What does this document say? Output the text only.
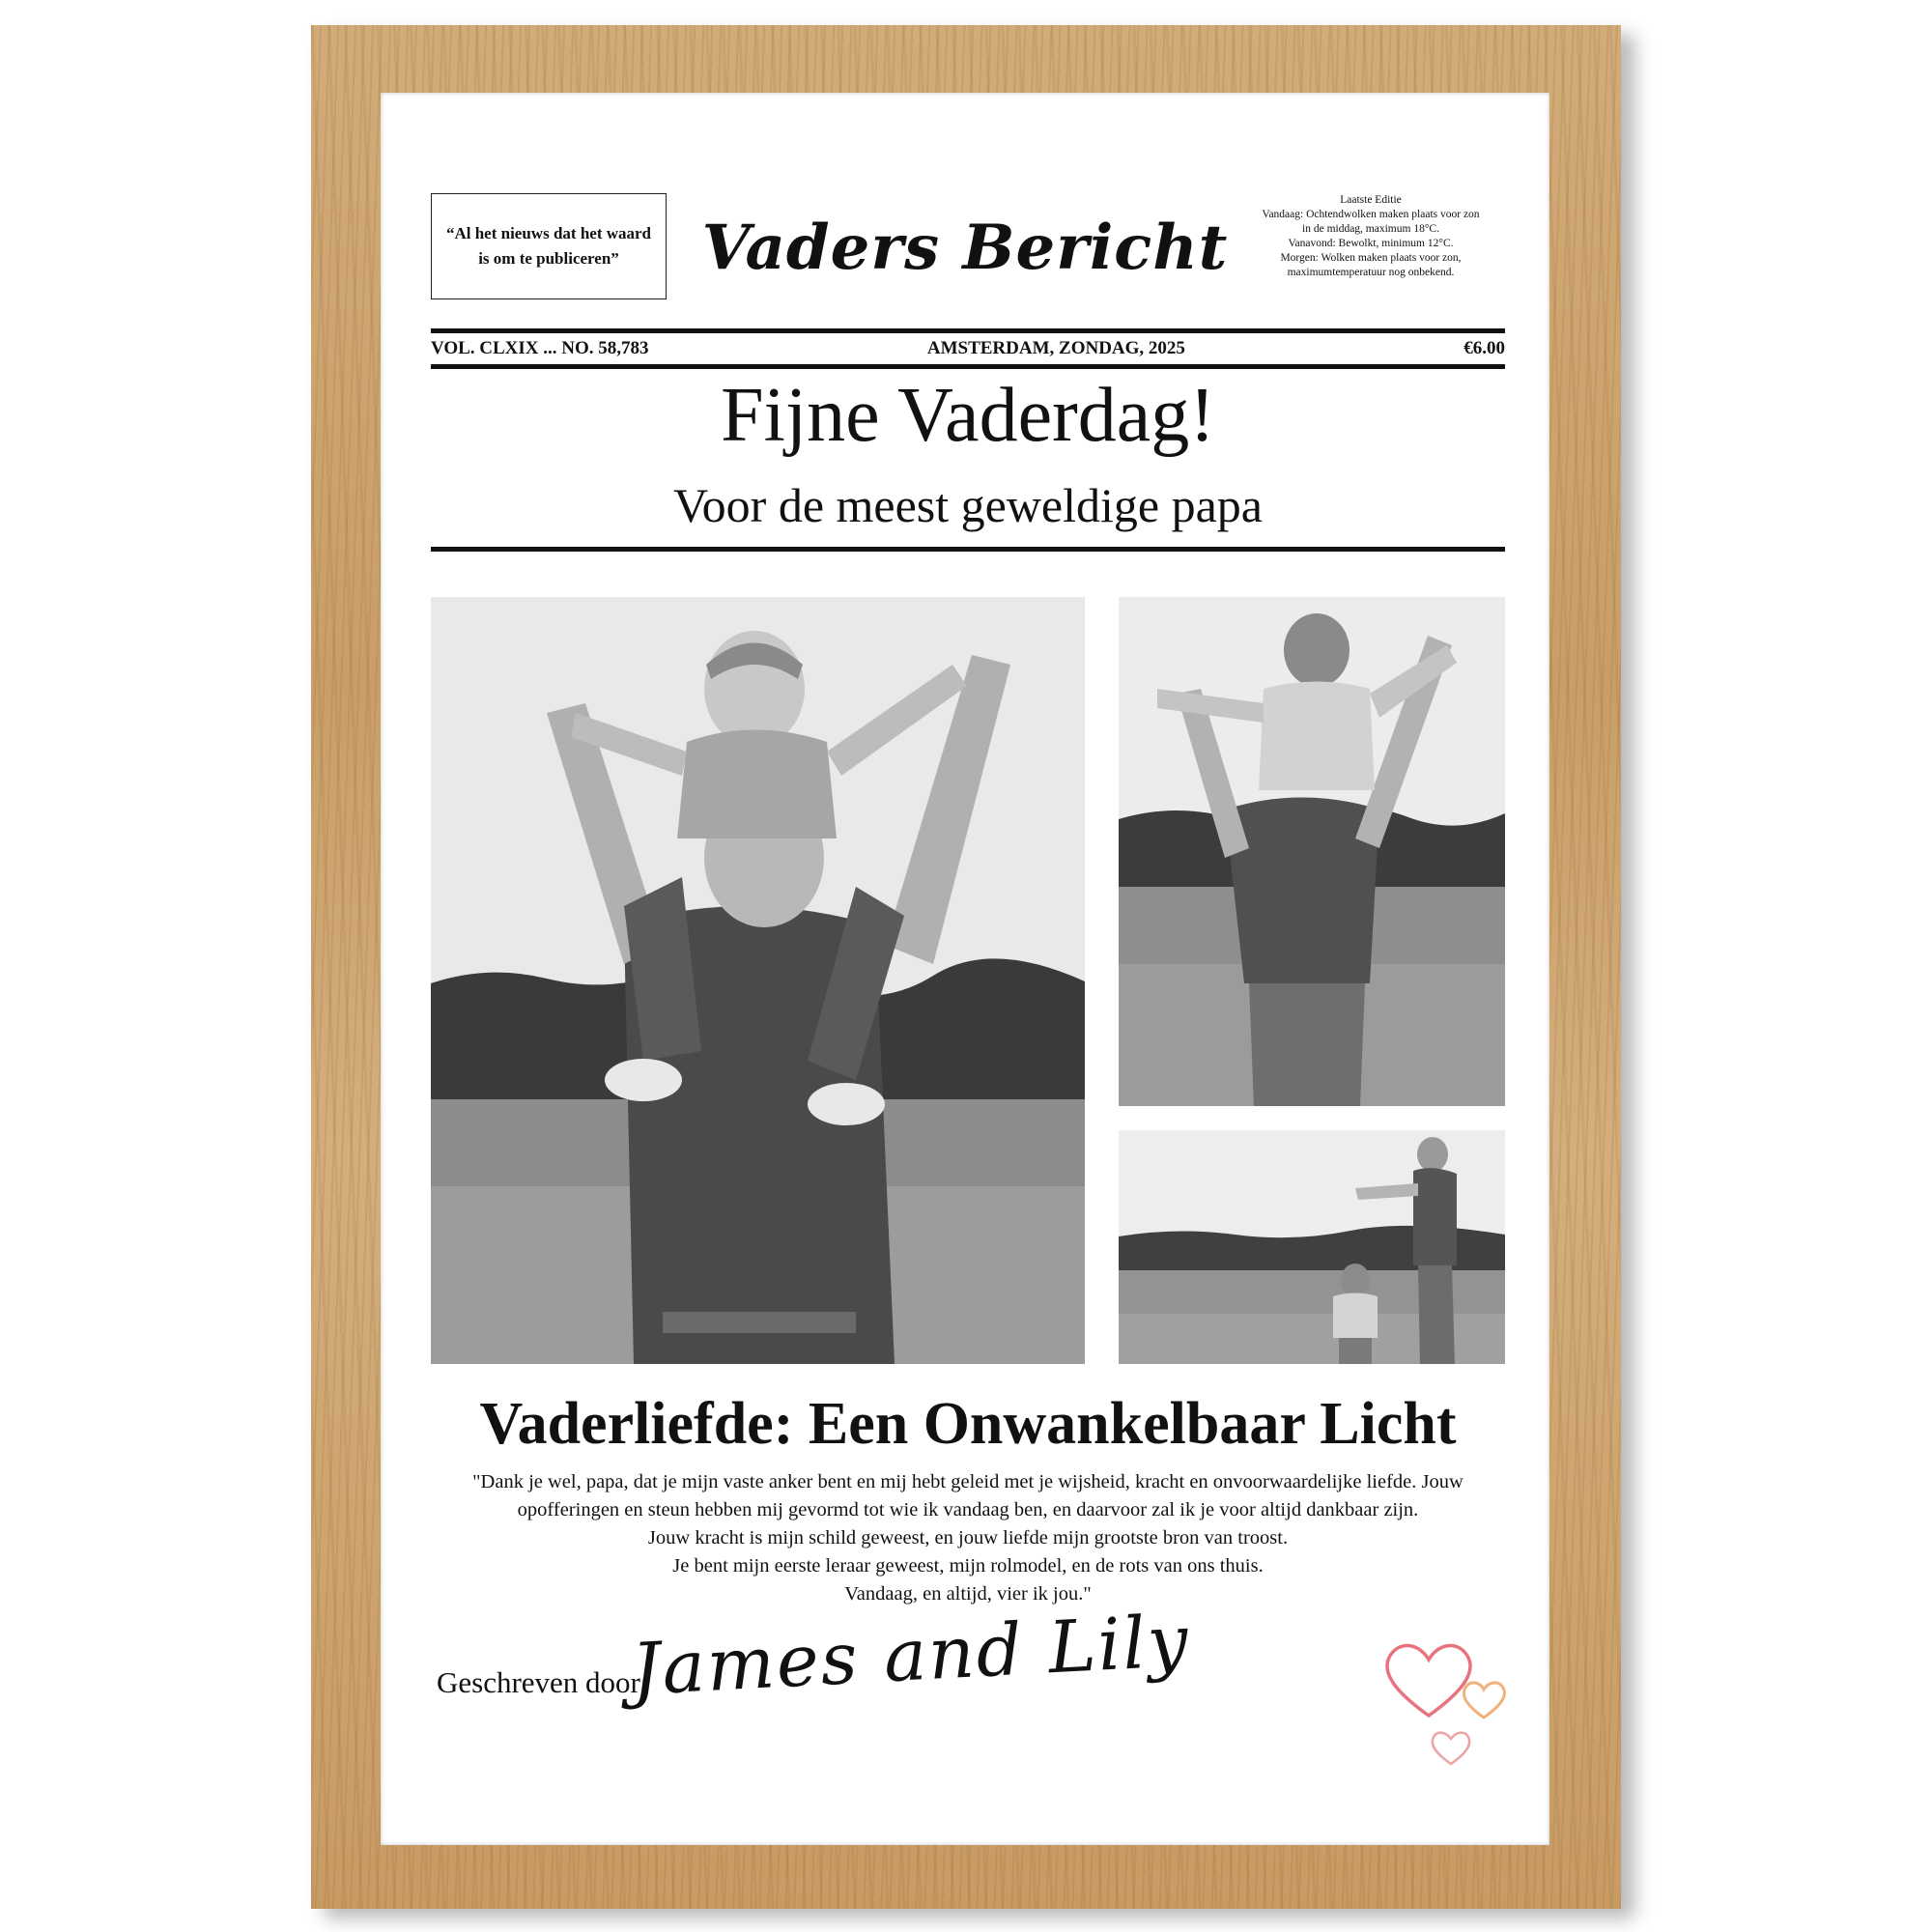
“Al het nieuws dat het waard is om te publiceren”	Vaders Bericht
Laatste Editie
Vandaag: Ochtendwolken maken plaats voor zon
in de middag, maximum 18°C.
Vanavond: Bewolkt, minimum 12°C.
Morgen: Wolken maken plaats voor zon,
maximumtemperatuur nog onbekend.
VOL. CLXIX ... NO. 58,783	AMSTERDAM, ZONDAG, 2025	€6.00
Fijne Vaderdag!
Voor de meest geweldige papa
Vaderliefde: Een Onwankelbaar Licht

"Dank je wel, papa, dat je mijn vaste anker bent en mij hebt geleid met je wijsheid, kracht en onvoorwaardelijke liefde. Jouw opofferingen en steun hebben mij gevormd tot wie ik vandaag ben, en daarvoor zal ik je voor altijd dankbaar zijn.

Jouw kracht is mijn schild geweest, en jouw liefde mijn grootste bron van troost.

Je bent mijn eerste leraar geweest, mijn rolmodel, en de rots van ons thuis.

Vandaag, en altijd, vier ik jou."

Geschreven door:
James and Lily
